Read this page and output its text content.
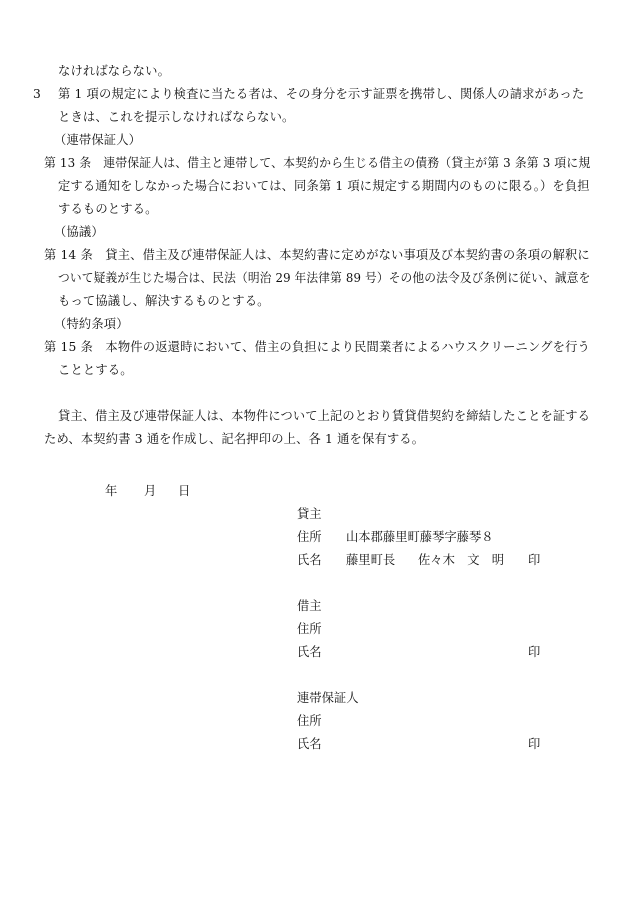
なければならない。
3 第 1 項の規定により検査に当たる者は、その身分を示す証票を携帯し、関係人の請求があった
ときは、これを提示しなければならない。
（連帯保証人）
第 13 条　連帯保証人は、借主と連帯して、本契約から生じる借主の債務（貸主が第 3 条第 3 項に規
定する通知をしなかった場合においては、同条第 1 項に規定する期間内のものに限る。）を負担
するものとする。
（協議）
第 14 条　貸主、借主及び連帯保証人は、本契約書に定めがない事項及び本契約書の条項の解釈に
ついて疑義が生じた場合は、民法（明治 29 年法律第 89 号）その他の法令及び条例に従い、誠意を
もって協議し、解決するものとする。
（特約条項）
第 15 条　本物件の返還時において、借主の負担により民間業者によるハウスクリーニングを行う
こととする。
貸主、借主及び連帯保証人は、本物件について上記のとおり賃貸借契約を締結したことを証する
ため、本契約書 3 通を作成し、記名押印の上、各 1 通を保有する。
年 月 日
貸主
住所 山本郡藤里町藤琴字藤琴８
氏名 藤里町長 佐々木　文　明 印
借主
住所
氏名	印
連帯保証人
住所
氏名	印
